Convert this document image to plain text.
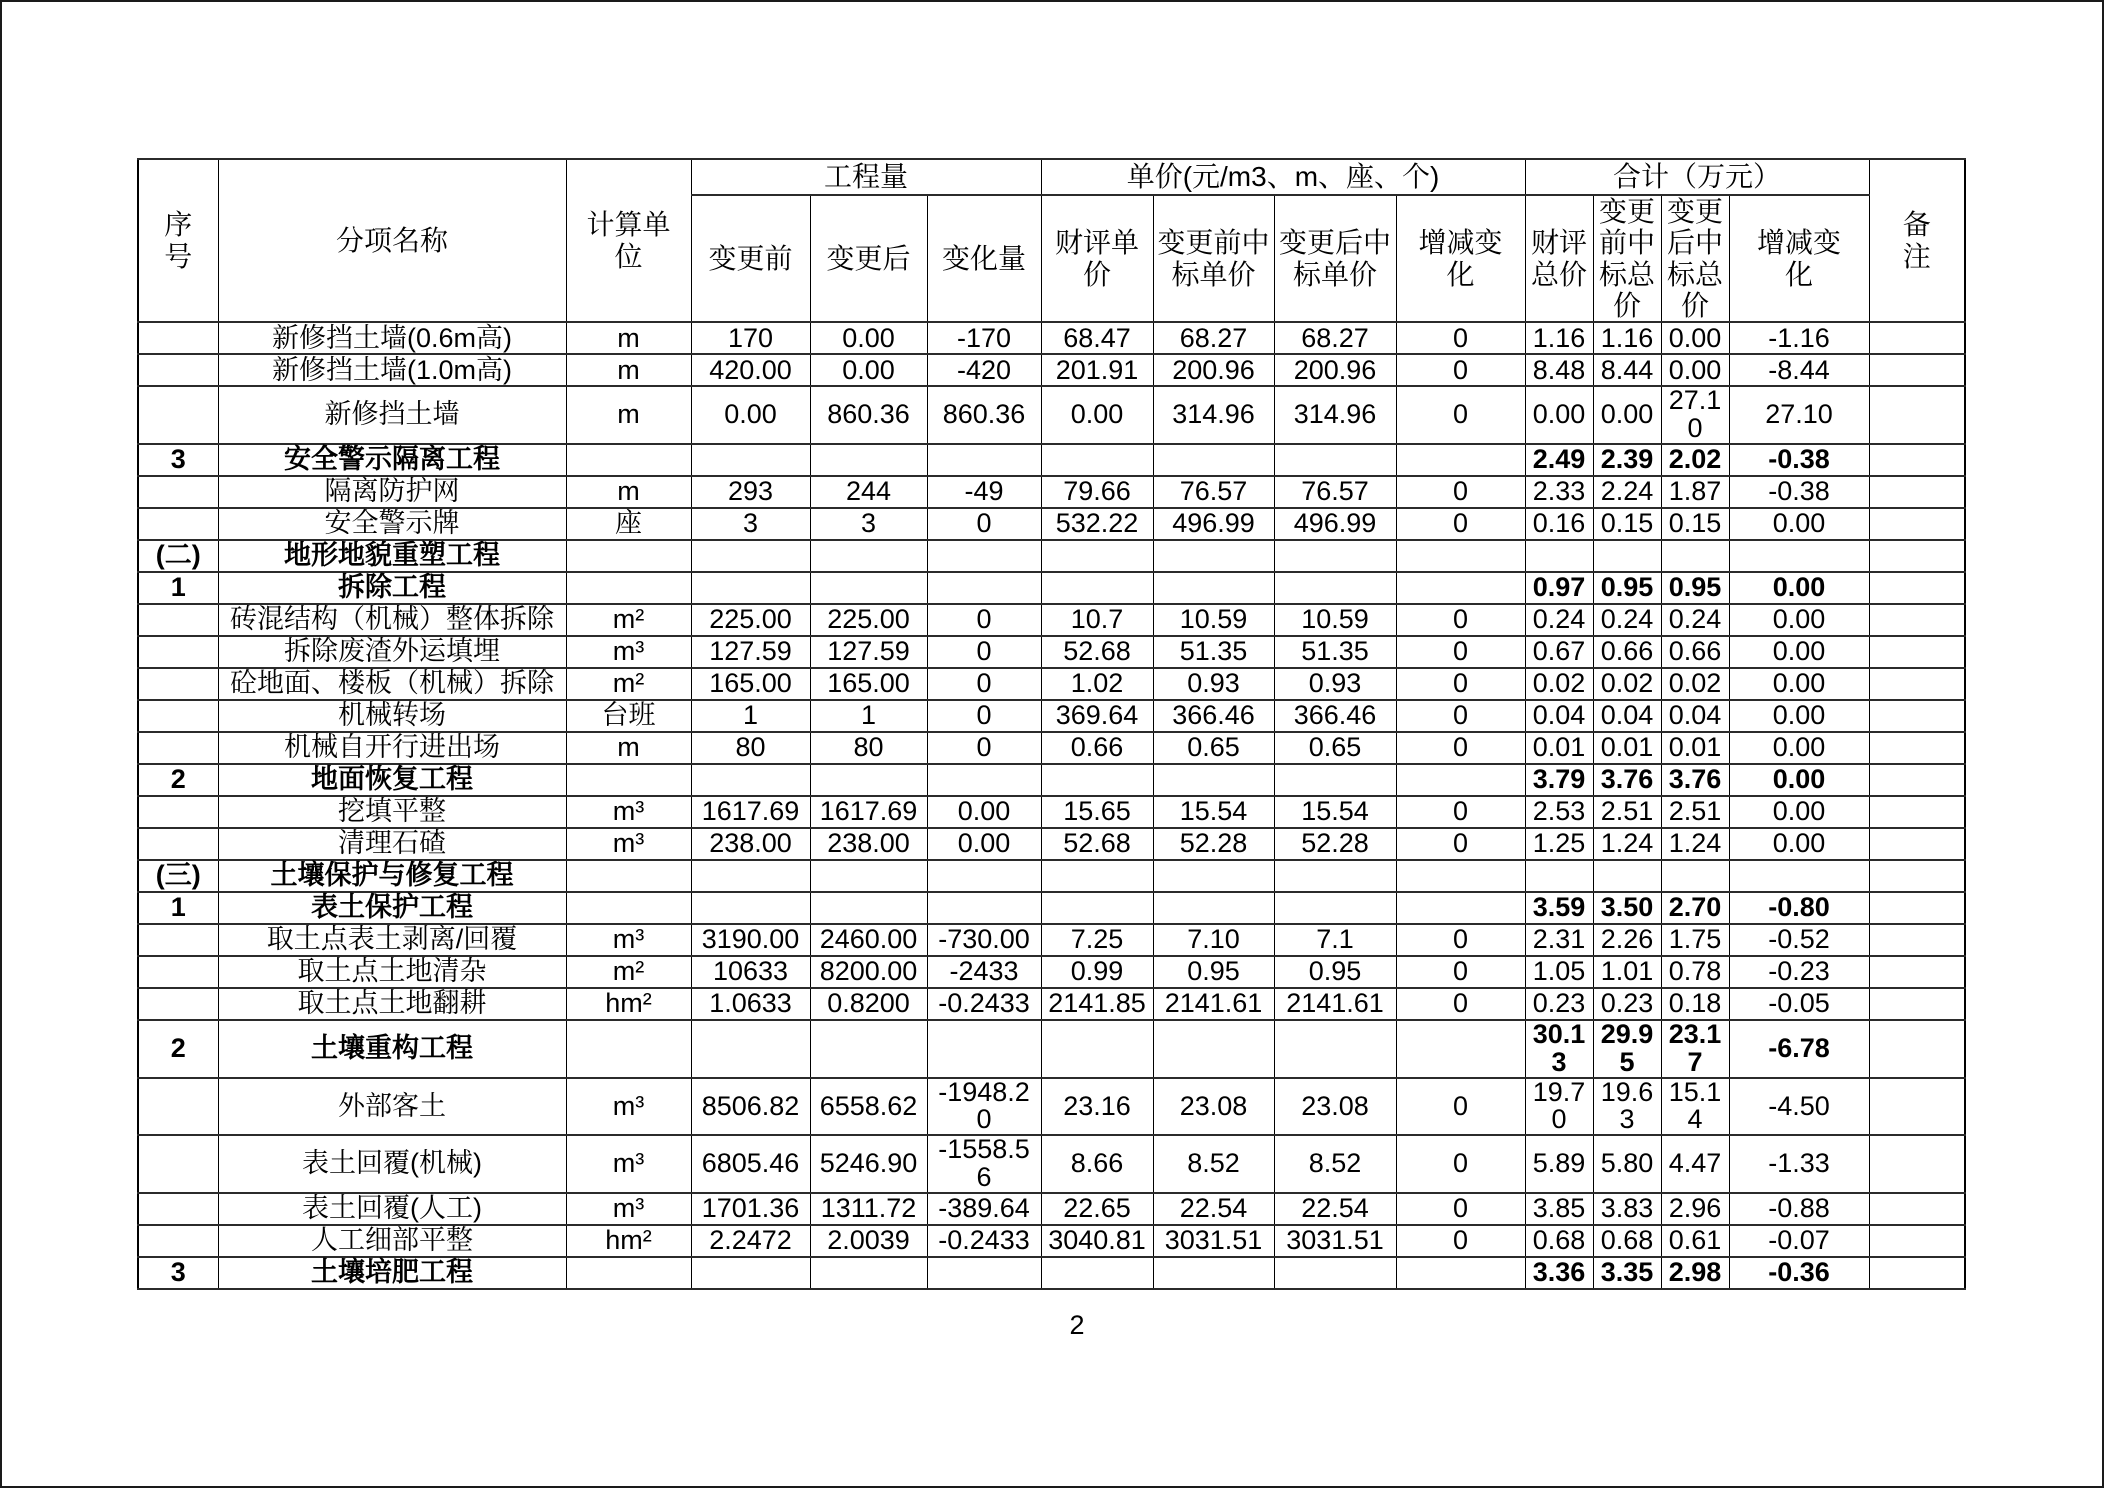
序号	分项名称	计算单位	工程量			单价(元/m3、m、座、个)				合计（万元）				备注

			变更前	变更后	变化量	财评单价	变更前中标单价	变更后中标单价	增减变化	财评总价	变更前中标总价	变更后中标总价	增减变化	

	新修挡土墙(0.6m高)	m	170	0.00	-170	68.47	68.27	68.27	0	1.16	1.16	0.00	-1.16	
	新修挡土墙(1.0m高)	m	420.00	0.00	-420	201.91	200.96	200.96	0	8.48	8.44	0.00	-8.44	
	新修挡土墙	m	0.00	860.36	860.36	0.00	314.96	314.96	0	0.00	0.00	27.10	27.10	
3	安全警示隔离工程									2.49	2.39	2.02	-0.38	
	隔离防护网	m	293	244	-49	79.66	76.57	76.57	0	2.33	2.24	1.87	-0.38	
	安全警示牌	座	3	3	0	532.22	496.99	496.99	0	0.16	0.15	0.15	0.00	
(二)	地形地貌重塑工程													
1	拆除工程									0.97	0.95	0.95	0.00	
	砖混结构（机械）整体拆除	m²	225.00	225.00	0	10.7	10.59	10.59	0	0.24	0.24	0.24	0.00	
	拆除废渣外运填埋	m³	127.59	127.59	0	52.68	51.35	51.35	0	0.67	0.66	0.66	0.00	
	砼地面、楼板（机械）拆除	m²	165.00	165.00	0	1.02	0.93	0.93	0	0.02	0.02	0.02	0.00	
	机械转场	台班	1	1	0	369.64	366.46	366.46	0	0.04	0.04	0.04	0.00	
	机械自开行进出场	m	80	80	0	0.66	0.65	0.65	0	0.01	0.01	0.01	0.00	
2	地面恢复工程									3.79	3.76	3.76	0.00	
	挖填平整	m³	1617.69	1617.69	0.00	15.65	15.54	15.54	0	2.53	2.51	2.51	0.00	
	清理石碴	m³	238.00	238.00	0.00	52.68	52.28	52.28	0	1.25	1.24	1.24	0.00	
(三)	土壤保护与修复工程													
1	表土保护工程									3.59	3.50	2.70	-0.80	
	取土点表土剥离/回覆	m³	3190.00	2460.00	-730.00	7.25	7.10	7.1	0	2.31	2.26	1.75	-0.52	
	取土点土地清杂	m²	10633	8200.00	-2433	0.99	0.95	0.95	0	1.05	1.01	0.78	-0.23	
	取土点土地翻耕	hm²	1.0633	0.8200	-0.2433	2141.85	2141.61	2141.61	0	0.23	0.23	0.18	-0.05	
2	土壤重构工程									30.13	29.95	23.17	-6.78	
	外部客土	m³	8506.82	6558.62	-1948.20	23.16	23.08	23.08	0	19.70	19.63	15.14	-4.50	
	表土回覆(机械)	m³	6805.46	5246.90	-1558.56	8.66	8.52	8.52	0	5.89	5.80	4.47	-1.33	
	表土回覆(人工)	m³	1701.36	1311.72	-389.64	22.65	22.54	22.54	0	3.85	3.83	2.96	-0.88	
	人工细部平整	hm²	2.2472	2.0039	-0.2433	3040.81	3031.51	3031.51	0	0.68	0.68	0.61	-0.07	
3	土壤培肥工程									3.36	3.35	2.98	-0.36	
2
